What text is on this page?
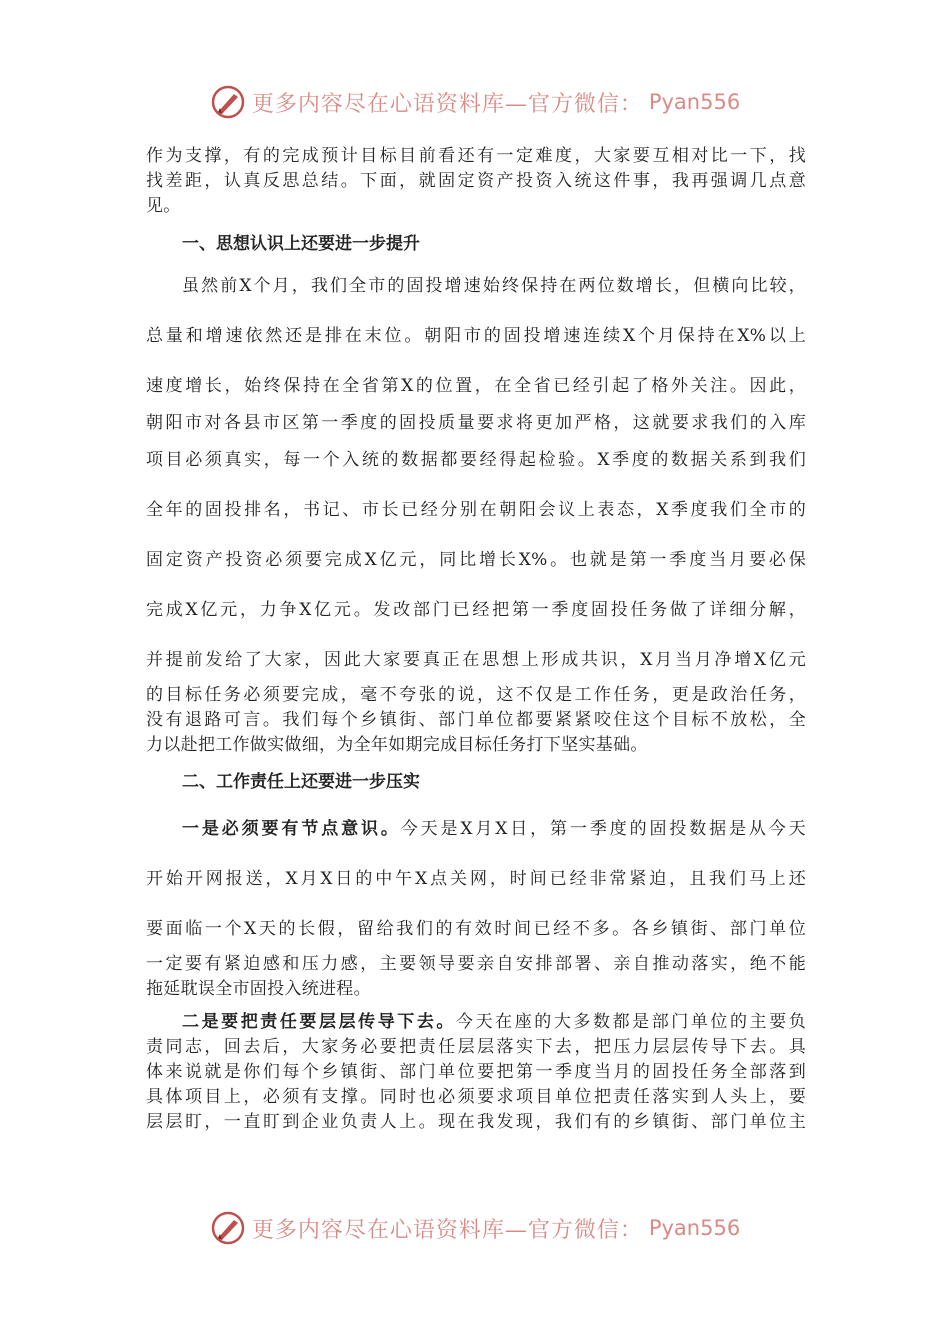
更多内容尽在心语资料库—官方微信： Pyan556
作为支撑，有的完成预计目标目前看还有一定难度，大家要互相对比一下，找
找差距，认真反思总结。下面，就固定资产投资入统这件事，我再强调几点意
见。
一、思想认识上还要进一步提升
虽然前X个月，我们全市的固投增速始终保持在两位数增长，但横向比较，
总量和增速依然还是排在末位。朝阳市的固投增速连续X个月保持在X%以上
速度增长，始终保持在全省第X的位置，在全省已经引起了格外关注。因此，
朝阳市对各县市区第一季度的固投质量要求将更加严格，这就要求我们的入库
项目必须真实，每一个入统的数据都要经得起检验。X季度的数据关系到我们
全年的固投排名，书记、市长已经分别在朝阳会议上表态，X季度我们全市的
固定资产投资必须要完成X亿元，同比增长X%。也就是第一季度当月要必保
完成X亿元，力争X亿元。发改部门已经把第一季度固投任务做了详细分解，
并提前发给了大家，因此大家要真正在思想上形成共识，X月当月净增X亿元
的目标任务必须要完成，毫不夸张的说，这不仅是工作任务，更是政治任务，
没有退路可言。我们每个乡镇街、部门单位都要紧紧咬住这个目标不放松，全
力以赴把工作做实做细，为全年如期完成目标任务打下坚实基础。
二、工作责任上还要进一步压实
一是必须要有节点意识。今天是X月X日，第一季度的固投数据是从今天
开始开网报送，X月X日的中午X点关网，时间已经非常紧迫，且我们马上还
要面临一个X天的长假，留给我们的有效时间已经不多。各乡镇街、部门单位
一定要有紧迫感和压力感，主要领导要亲自安排部署、亲自推动落实，绝不能
拖延耽误全市固投入统进程。
二是要把责任要层层传导下去。今天在座的大多数都是部门单位的主要负
责同志，回去后，大家务必要把责任层层落实下去，把压力层层传导下去。具
体来说就是你们每个乡镇街、部门单位要把第一季度当月的固投任务全部落到
具体项目上，必须有支撑。同时也必须要求项目单位把责任落实到人头上，要
层层盯，一直盯到企业负责人上。现在我发现，我们有的乡镇街、部门单位主
更多内容尽在心语资料库—官方微信： Pyan556
